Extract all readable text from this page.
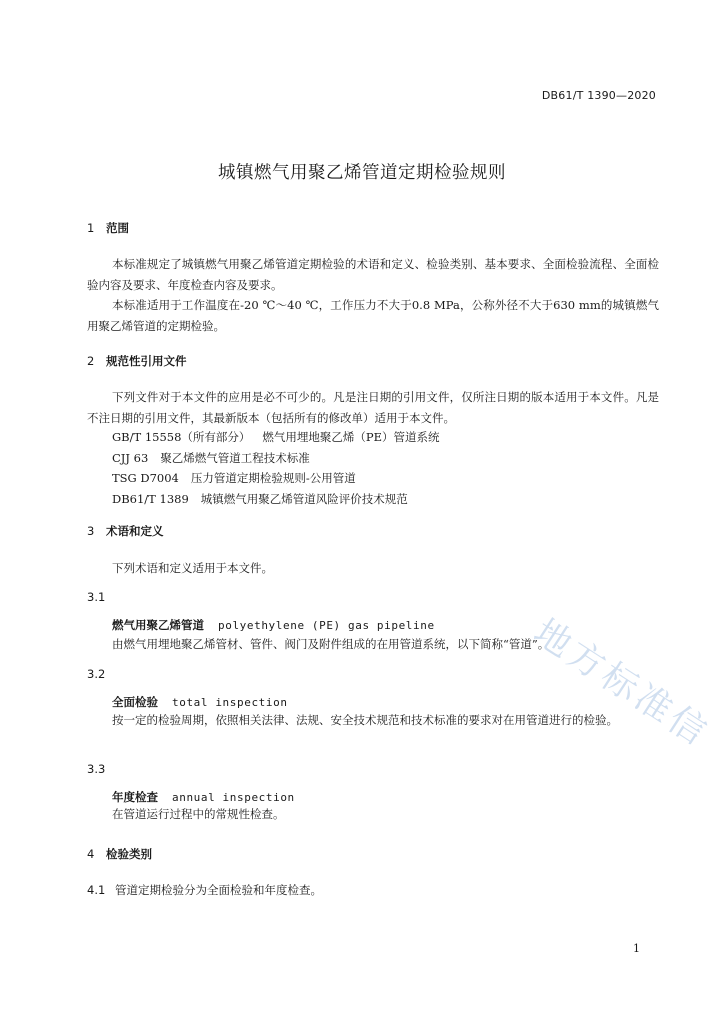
DB61/T 1390—2020
城镇燃气用聚乙烯管道定期检验规则
1 范围
本标准规定了城镇燃气用聚乙烯管道定期检验的术语和定义、检验类别、基本要求、全面检验流程、全面检验内容及要求、年度检查内容及要求。
本标准适用于工作温度在-20 ℃～40 ℃，工作压力不大于0.8 MPa，公称外径不大于630 mm的城镇燃气用聚乙烯管道的定期检验。
2 规范性引用文件
下列文件对于本文件的应用是必不可少的。凡是注日期的引用文件，仅所注日期的版本适用于本文件。凡是不注日期的引用文件，其最新版本（包括所有的修改单）适用于本文件。
GB/T 15558（所有部分） 燃气用埋地聚乙烯（PE）管道系统
CJJ 63 聚乙烯燃气管道工程技术标准
TSG D7004 压力管道定期检验规则-公用管道
DB61/T 1389 城镇燃气用聚乙烯管道风险评价技术规范
3 术语和定义
下列术语和定义适用于本文件。
3.1
燃气用聚乙烯管道 polyethylene (PE) gas pipeline
由燃气用埋地聚乙烯管材、管件、阀门及附件组成的在用管道系统，以下简称“管道”。
3.2
全面检验 total inspection
按一定的检验周期，依照相关法律、法规、安全技术规范和技术标准的要求对在用管道进行的检验。
3.3
年度检查 annual inspection
在管道运行过程中的常规性检查。
4 检验类别
4.1 管道定期检验分为全面检验和年度检查。
1
地方标准信
